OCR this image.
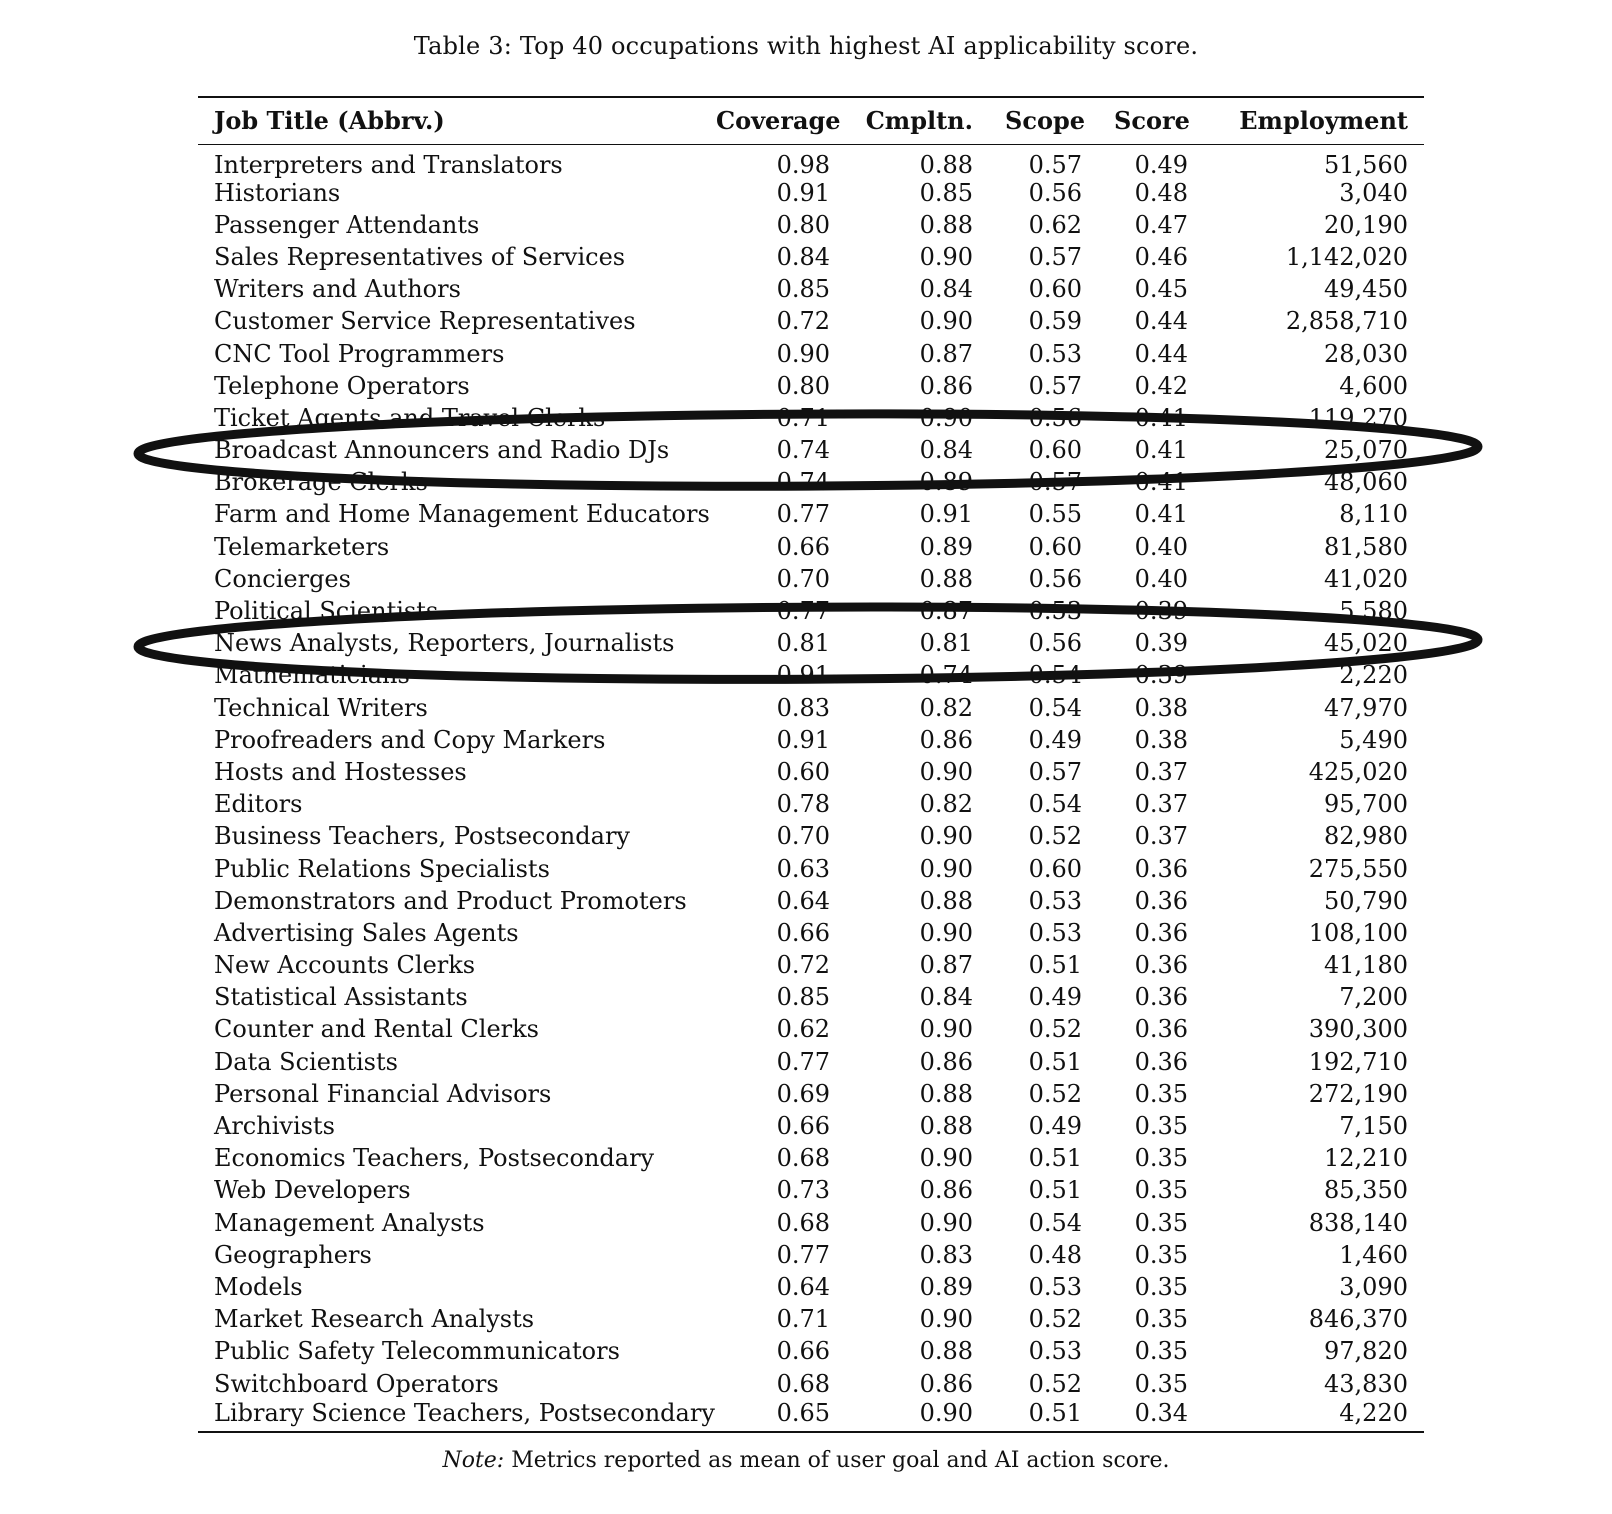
Table 3: Top 40 occupations with highest AI applicability score.
Job Title (Abbrv.)	Coverage	Cmpltn.	Scope	Score	Employment
Interpreters and Translators	0.98	0.88	0.57	0.49	51,560
Historians	0.91	0.85	0.56	0.48	3,040
Passenger Attendants	0.80	0.88	0.62	0.47	20,190
Sales Representatives of Services	0.84	0.90	0.57	0.46	1,142,020
Writers and Authors	0.85	0.84	0.60	0.45	49,450
Customer Service Representatives	0.72	0.90	0.59	0.44	2,858,710
CNC Tool Programmers	0.90	0.87	0.53	0.44	28,030
Telephone Operators	0.80	0.86	0.57	0.42	4,600
Ticket Agents and Travel Clerks	0.71	0.90	0.56	0.41	119,270
Broadcast Announcers and Radio DJs	0.74	0.84	0.60	0.41	25,070
Brokerage Clerks	0.74	0.89	0.57	0.41	48,060
Farm and Home Management Educators	0.77	0.91	0.55	0.41	8,110
Telemarketers	0.66	0.89	0.60	0.40	81,580
Concierges	0.70	0.88	0.56	0.40	41,020
Political Scientists	0.77	0.87	0.53	0.39	5,580
News Analysts, Reporters, Journalists	0.81	0.81	0.56	0.39	45,020
Mathematicians	0.91	0.74	0.54	0.39	2,220
Technical Writers	0.83	0.82	0.54	0.38	47,970
Proofreaders and Copy Markers	0.91	0.86	0.49	0.38	5,490
Hosts and Hostesses	0.60	0.90	0.57	0.37	425,020
Editors	0.78	0.82	0.54	0.37	95,700
Business Teachers, Postsecondary	0.70	0.90	0.52	0.37	82,980
Public Relations Specialists	0.63	0.90	0.60	0.36	275,550
Demonstrators and Product Promoters	0.64	0.88	0.53	0.36	50,790
Advertising Sales Agents	0.66	0.90	0.53	0.36	108,100
New Accounts Clerks	0.72	0.87	0.51	0.36	41,180
Statistical Assistants	0.85	0.84	0.49	0.36	7,200
Counter and Rental Clerks	0.62	0.90	0.52	0.36	390,300
Data Scientists	0.77	0.86	0.51	0.36	192,710
Personal Financial Advisors	0.69	0.88	0.52	0.35	272,190
Archivists	0.66	0.88	0.49	0.35	7,150
Economics Teachers, Postsecondary	0.68	0.90	0.51	0.35	12,210
Web Developers	0.73	0.86	0.51	0.35	85,350
Management Analysts	0.68	0.90	0.54	0.35	838,140
Geographers	0.77	0.83	0.48	0.35	1,460
Models	0.64	0.89	0.53	0.35	3,090
Market Research Analysts	0.71	0.90	0.52	0.35	846,370
Public Safety Telecommunicators	0.66	0.88	0.53	0.35	97,820
Switchboard Operators	0.68	0.86	0.52	0.35	43,830
Library Science Teachers, Postsecondary	0.65	0.90	0.51	0.34	4,220
Note: Metrics reported as mean of user goal and AI action score.
